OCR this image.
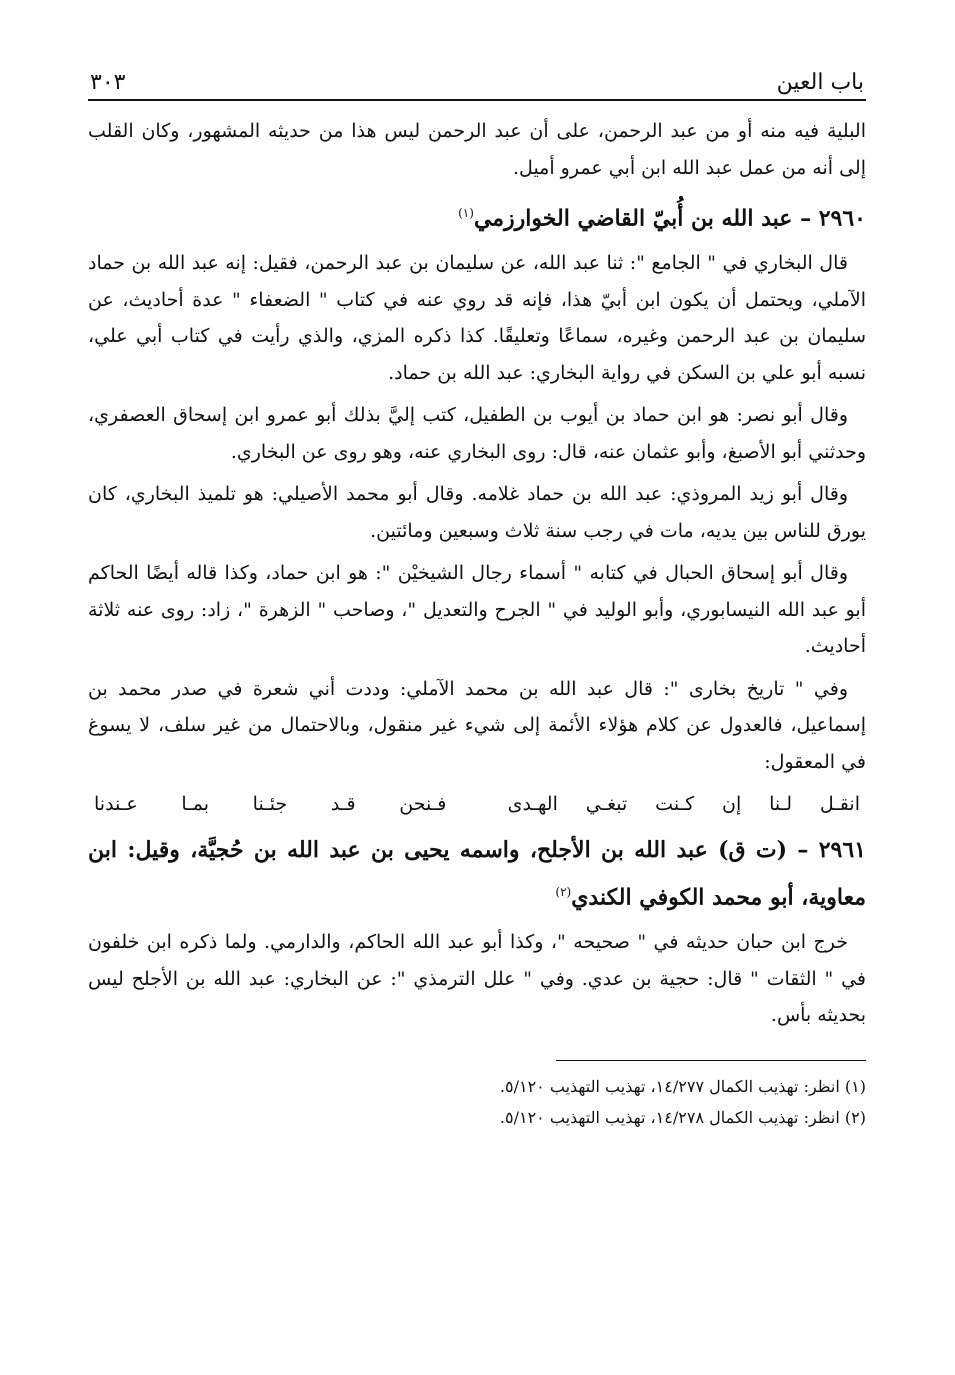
باب العين
٣٠٣

البلية فيه منه أو من عبد الرحمن، على أن عبد الرحمن ليس هذا من حديثه المشهور، وكان القلب إلى أنه من عمل عبد الله ابن أبي عمرو أميل.

٢٩٦٠ – عبد الله بن أُبيّ القاضي الخوارزمي$^{(١)}$

قال البخاري في " الجامع ": ثنا عبد الله، عن سليمان بن عبد الرحمن، فقيل: إنه عبد الله بن حماد الآملي، ويحتمل أن يكون ابن أبيّ هذا، فإنه قد روي عنه في كتاب " الضعفاء " عدة أحاديث، عن سليمان بن عبد الرحمن وغيره، سماعًا وتعليقًا. كذا ذكره المزي، والذي رأيت في كتاب أبي علي، نسبه أبو علي بن السكن في رواية البخاري: عبد الله بن حماد.

وقال أبو نصر: هو ابن حماد بن أيوب بن الطفيل، كتب إليَّ بذلك أبو عمرو ابن إسحاق العصفري، وحدثني أبو الأصبغ، وأبو عثمان عنه، قال: روى البخاري عنه، وهو روى عن البخاري.

وقال أبو زيد المروذي: عبد الله بن حماد غلامه. وقال أبو محمد الأصيلي: هو تلميذ البخاري، كان يورق للناس بين يديه، مات في رجب سنة ثلاث وسبعين ومائتين.

وقال أبو إسحاق الحبال في كتابه " أسماء رجال الشيخيْن ": هو ابن حماد، وكذا قاله أيضًا الحاكم أبو عبد الله النيسابوري، وأبو الوليد في " الجرح والتعديل "، وصاحب " الزهرة "، زاد: روى عنه ثلاثة أحاديث.

وفي " تاريخ بخارى ": قال عبد الله بن محمد الآملي: وددت أني شعرة في صدر محمد بن إسماعيل، فالعدول عن كلام هؤلاء الأئمة إلى شيء غير منقول، وبالاحتمال من غير سلف، لا يسوغ في المعقول:

انقـل لـنا إن كـنت تبغـي الهـدى
فـنحن قـد جئـنا بمـا عـندنا
٢٩٦١ – (ت ق) عبد الله بن الأجلح، واسمه يحيى بن عبد الله بن حُجيَّة، وقيل: ابن معاوية، أبو محمد الكوفي الكندي$^{(٢)}$

خرج ابن حبان حديثه في " صحيحه "، وكذا أبو عبد الله الحاكم، والدارمي. ولما ذكره ابن خلفون في " الثقات " قال: حجية بن عدي. وفي " علل الترمذي ": عن البخاري: عبد الله بن الأجلح ليس بحديثه بأس.

(١) انظر: تهذيب الكمال ١٤/٢٧٧، تهذيب التهذيب ٥/١٢٠.
(٢) انظر: تهذيب الكمال ١٤/٢٧٨، تهذيب التهذيب ٥/١٢٠.
